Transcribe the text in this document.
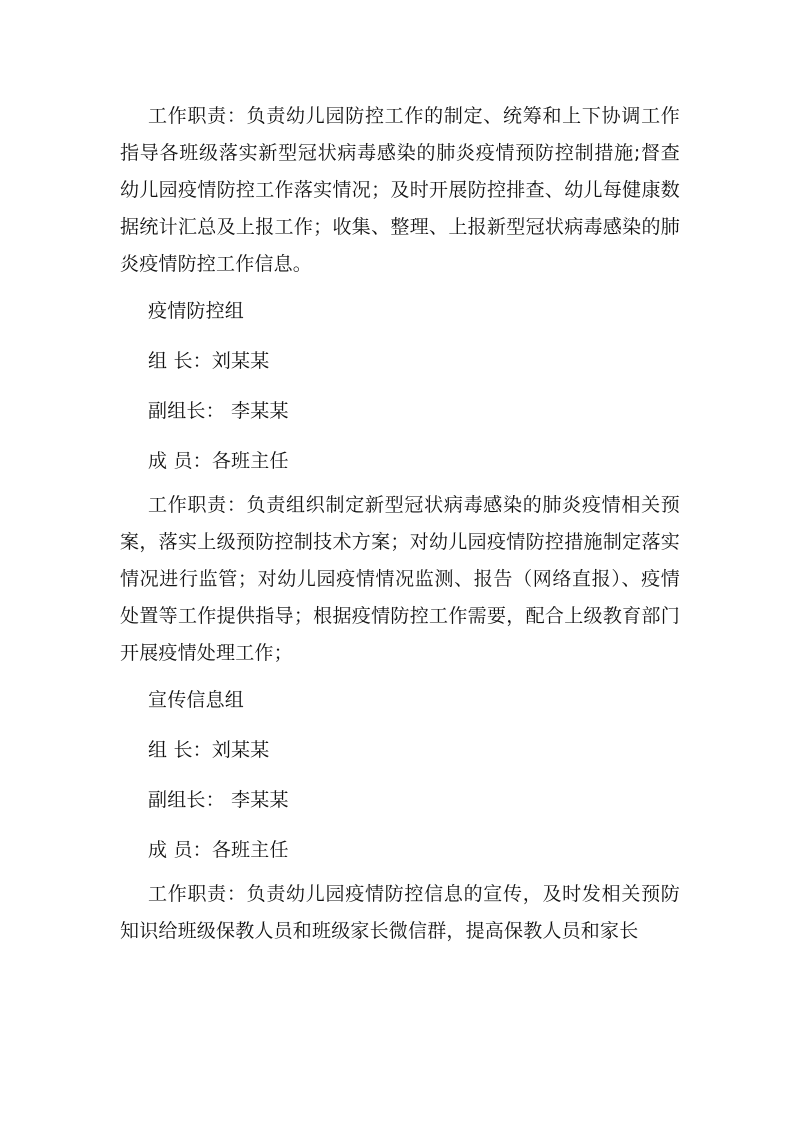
工作职责：负责幼儿园防控工作的制定、统筹和上下协调工作指导各班级落实新型冠状病毒感染的肺炎疫情预防控制措施;督查幼儿园疫情防控工作落实情况；及时开展防控排查、幼儿每健康数据统计汇总及上报工作；收集、整理、上报新型冠状病毒感染的肺炎疫情防控工作信息。

疫情防控组

组 长：刘某某

副组长： 李某某

成 员：各班主任

工作职责：负责组织制定新型冠状病毒感染的肺炎疫情相关预案，落实上级预防控制技术方案；对幼儿园疫情防控措施制定落实情况进行监管；对幼儿园疫情情况监测、报告（网络直报）、疫情处置等工作提供指导；根据疫情防控工作需要，配合上级教育部门开展疫情处理工作；

宣传信息组

组 长：刘某某

副组长： 李某某

成 员：各班主任

工作职责：负责幼儿园疫情防控信息的宣传，及时发相关预防知识给班级保教人员和班级家长微信群，提高保教人员和家长
